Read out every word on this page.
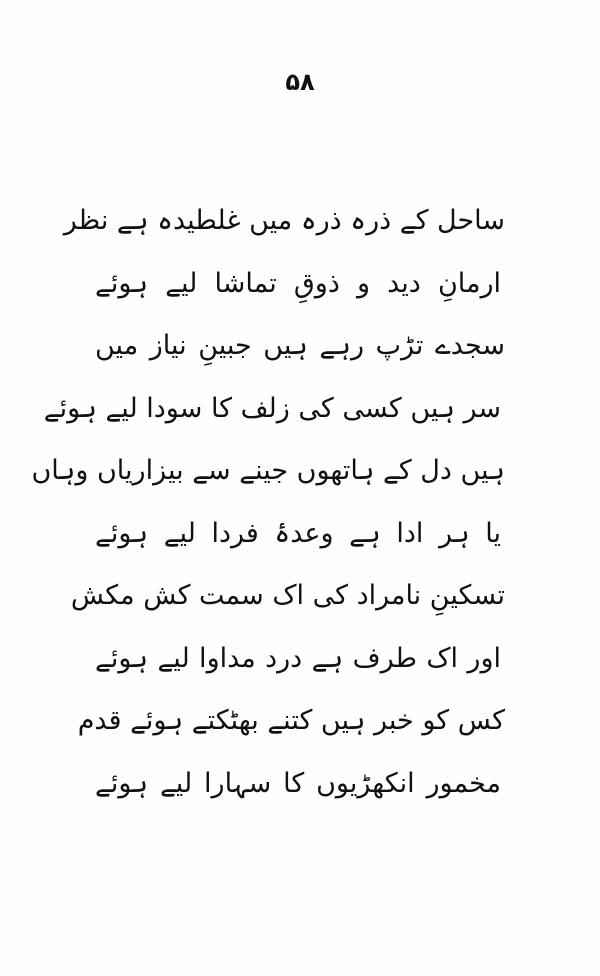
۵۸
ساحل کے ذرہ ذرہ میں غلطیدہ ہے نظر
ارمانِ دید و ذوقِ تماشا لیے ہوئے
سجدے تڑپ رہے ہیں جبینِ نیاز میں
سر ہیں کسی کی زلف کا سودا لیے ہوئے
ہیں دل کے ہاتھوں جینے سے بیزاریاں وہاں
یا ہر ادا ہے وعدۂ فردا لیے ہوئے
تسکینِ نامراد کی اک سمت کش مکش
اور اک طرف ہے درد مداوا لیے ہوئے
کس کو خبر ہیں کتنے بھٹکتے ہوئے قدم
مخمور انکھڑیوں کا سہارا لیے ہوئے
